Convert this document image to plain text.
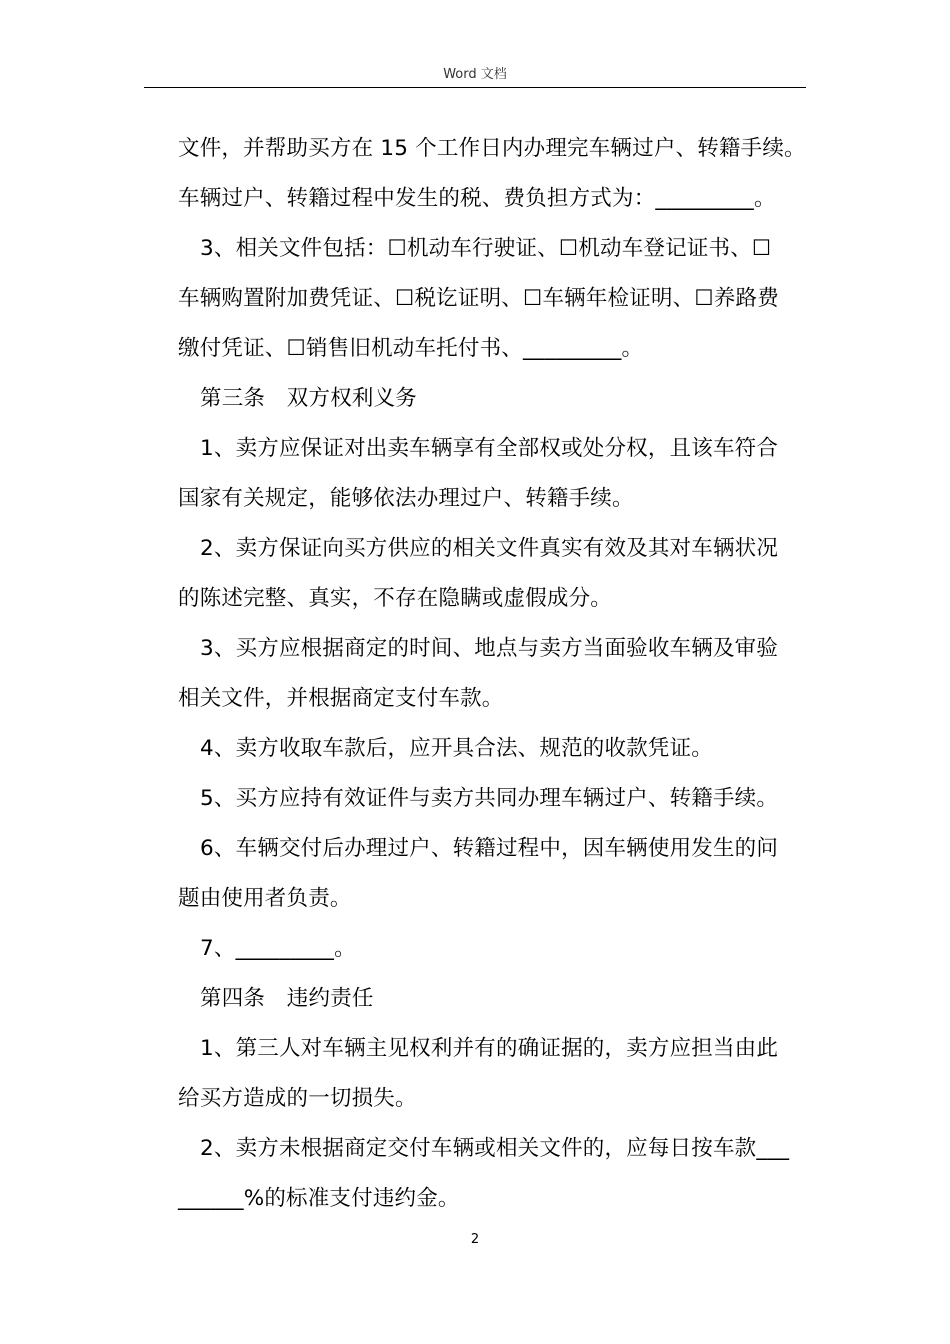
Word 文档
文件，并帮助买方在 15 个工作日内办理完车辆过户、转籍手续。
车辆过户、转籍过程中发生的税、费负担方式为：_________。
3、相关文件包括：☐机动车行驶证、☐机动车登记证书、☐
车辆购置附加费凭证、☐税讫证明、☐车辆年检证明、☐养路费
缴付凭证、☐销售旧机动车托付书、_________。
第三条　双方权利义务
1、卖方应保证对出卖车辆享有全部权或处分权，且该车符合
国家有关规定，能够依法办理过户、转籍手续。
2、卖方保证向买方供应的相关文件真实有效及其对车辆状况
的陈述完整、真实，不存在隐瞒或虚假成分。
3、买方应根据商定的时间、地点与卖方当面验收车辆及审验
相关文件，并根据商定支付车款。
4、卖方收取车款后，应开具合法、规范的收款凭证。
5、买方应持有效证件与卖方共同办理车辆过户、转籍手续。
6、车辆交付后办理过户、转籍过程中，因车辆使用发生的问
题由使用者负责。
7、_________。
第四条　违约责任
1、第三人对车辆主见权利并有的确证据的，卖方应担当由此
给买方造成的一切损失。
2、卖方未根据商定交付车辆或相关文件的，应每日按车款___
______%的标准支付违约金。
2
